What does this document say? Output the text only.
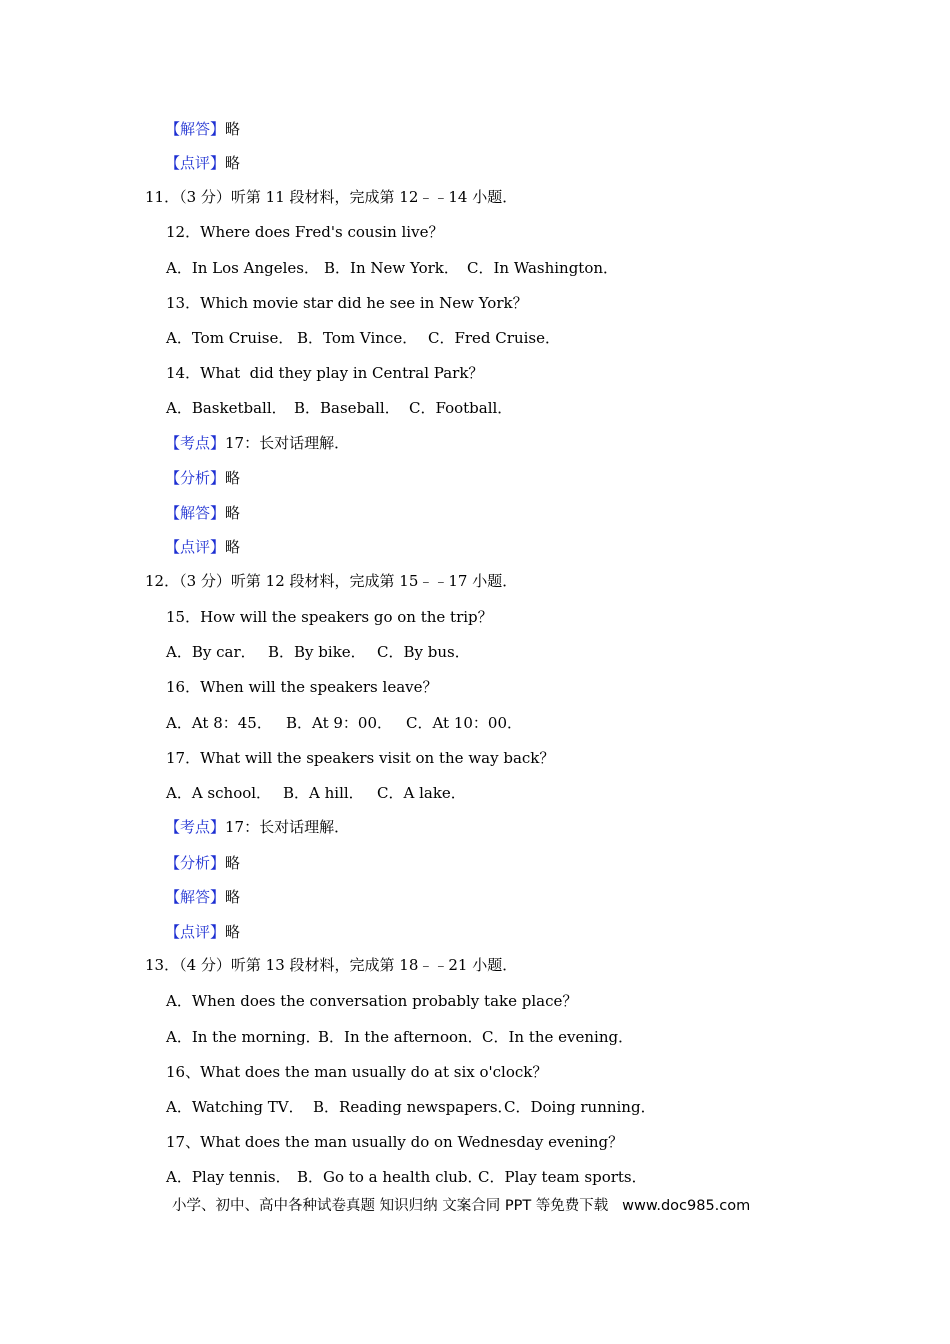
【解答】略
【点评】略
11．（3 分）听第 11 段材料，完成第 12﹣﹣14 小题．
12．Where does Fred's cousin live？
A．In Los Angeles． B．In New York． C．In Washington．
13．Which movie star did he see in New York？
A．Tom Cruise． B．Tom Vince． C．Fred Cruise．
14．What  did they play in Central Park？
A．Basketball． B．Baseball． C．Football．
【考点】17：长对话理解．
【分析】略
【解答】略
【点评】略
12．（3 分）听第 12 段材料，完成第 15﹣﹣17 小题．
15．How will the speakers go on the trip？
A．By car． B．By bike． C．By bus．
16．When will the speakers leave？
A．At 8：45． B．At 9：00． C．At 10：00．
17．What will the speakers visit on the way back？
A．A school． B．A hill． C．A lake．
【考点】17：长对话理解．
【分析】略
【解答】略
【点评】略
13．（4 分）听第 13 段材料，完成第 18﹣﹣21 小题．
A．When does the conversation probably take place？
A．In the morning．
B．In the afternoon． C．In the evening．
16、What does the man usually do at six o'clock？
A．Watching TV． B．Reading newspapers．
C．Doing running．
17、What does the man usually do on Wednesday evening？
A．Play tennis． B．Go to a health club．
C．Play team sports．
小学、初中、高中各种试卷真题 知识归纳 文案合同 PPT 等免费下载   www.doc985.com
